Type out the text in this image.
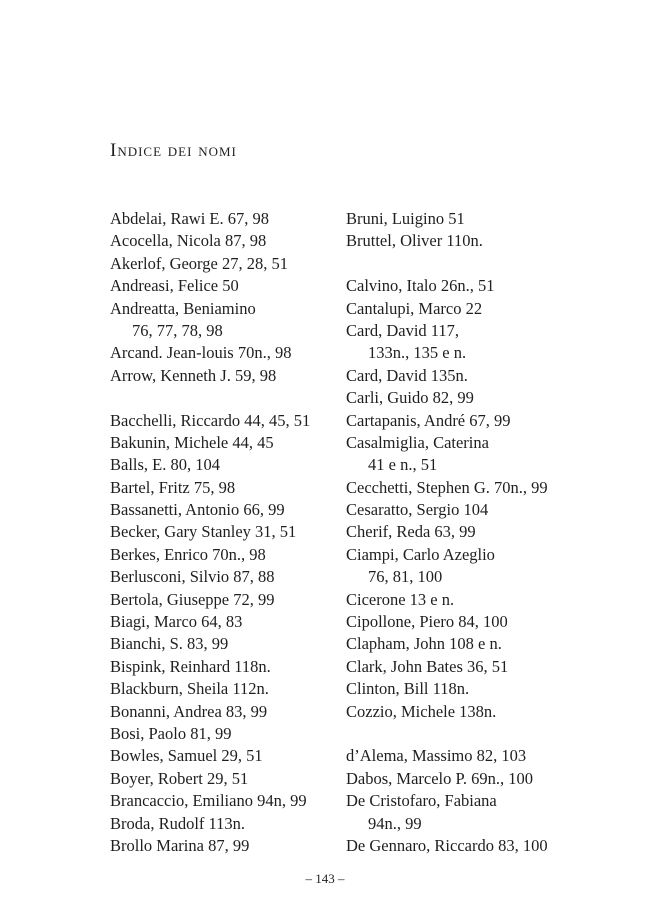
Indice dei nomi
Abdelai, Rawi E. 67, 98
Acocella, Nicola 87, 98
Akerlof, George 27, 28, 51
Andreasi, Felice 50
Andreatta, Beniamino
76, 77, 78, 98
Arcand. Jean-louis 70n., 98
Arrow, Kenneth J. 59, 98
Bacchelli, Riccardo 44, 45, 51
Bakunin, Michele 44, 45
Balls, E. 80, 104
Bartel, Fritz 75, 98
Bassanetti, Antonio 66, 99
Becker, Gary Stanley 31, 51
Berkes, Enrico 70n., 98
Berlusconi, Silvio 87, 88
Bertola, Giuseppe 72, 99
Biagi, Marco 64, 83
Bianchi, S. 83, 99
Bispink, Reinhard 118n.
Blackburn, Sheila 112n.
Bonanni, Andrea 83, 99
Bosi, Paolo 81, 99
Bowles, Samuel 29, 51
Boyer, Robert 29, 51
Brancaccio, Emiliano 94n, 99
Broda, Rudolf 113n.
Brollo Marina 87, 99
Bruni, Luigino 51
Bruttel, Oliver 110n.
Calvino, Italo 26n., 51
Cantalupi, Marco 22
Card, David 117,
133n., 135 e n.
Card, David 135n.
Carli, Guido 82, 99
Cartapanis, André 67, 99
Casalmiglia, Caterina
41 e n., 51
Cecchetti, Stephen G. 70n., 99
Cesaratto, Sergio 104
Cherif, Reda 63, 99
Ciampi, Carlo Azeglio
76, 81, 100
Cicerone 13 e n.
Cipollone, Piero 84, 100
Clapham, John 108 e n.
Clark, John Bates 36, 51
Clinton, Bill 118n.
Cozzio, Michele 138n.
d’Alema, Massimo 82, 103
Dabos, Marcelo P. 69n., 100
De Cristofaro, Fabiana
94n., 99
De Gennaro, Riccardo 83, 100
– 143 –
